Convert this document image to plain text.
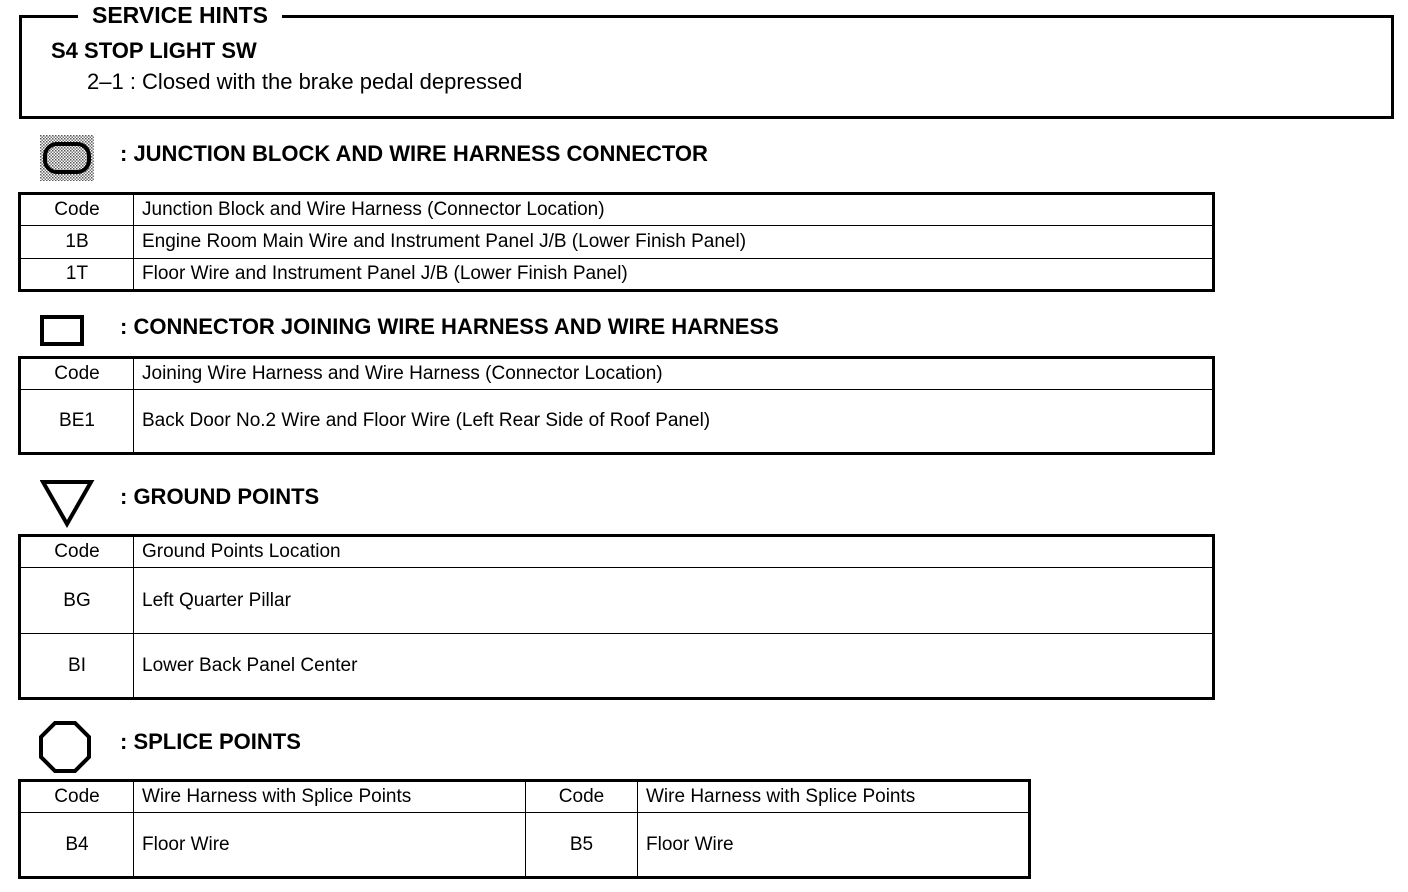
SERVICE HINTS
S4 STOP LIGHT SW
2–1 : Closed with the brake pedal depressed
: JUNCTION BLOCK AND WIRE HARNESS CONNECTOR
Code	Junction Block and Wire Harness (Connector Location)
1B	Engine Room Main Wire and Instrument Panel J/B (Lower Finish Panel)
1T	Floor Wire and Instrument Panel J/B (Lower Finish Panel)
: CONNECTOR JOINING WIRE HARNESS AND WIRE HARNESS
Code	Joining Wire Harness and Wire Harness (Connector Location)
BE1	Back Door No.2 Wire and Floor Wire (Left Rear Side of Roof Panel)
: GROUND POINTS
Code	Ground Points Location
BG	Left Quarter Pillar
BI	Lower Back Panel Center
: SPLICE POINTS
Code	Wire Harness with Splice Points	Code	Wire Harness with Splice Points
B4	Floor Wire	B5	Floor Wire
